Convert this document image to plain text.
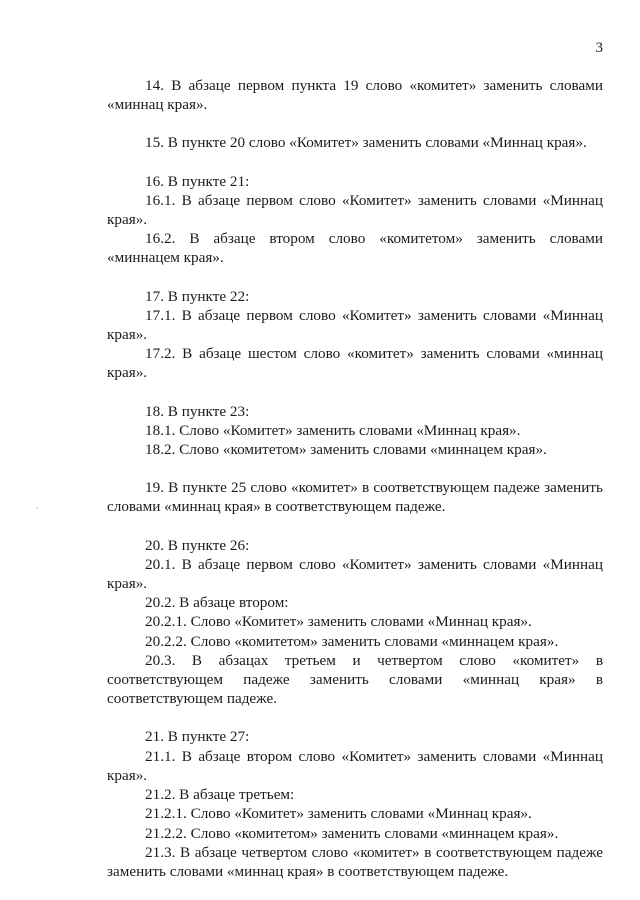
3

14. В абзаце первом пункта 19 слово «комитет» заменить словами «миннац края».

15. В пункте 20 слово «Комитет» заменить словами «Миннац края».

16. В пункте 21:

16.1. В абзаце первом слово «Комитет» заменить словами «Миннац края».

16.2. В абзаце втором слово «комитетом» заменить словами «миннацем края».

17. В пункте 22:

17.1. В абзаце первом слово «Комитет» заменить словами «Миннац края».

17.2. В абзаце шестом слово «комитет» заменить словами «миннац края».

18. В пункте 23:

18.1. Слово «Комитет» заменить словами «Миннац края».

18.2. Слово «комитетом» заменить словами «миннацем края».

19. В пункте 25 слово «комитет» в соответствующем падеже заменить словами «миннац края» в соответствующем падеже.

20. В пункте 26:

20.1. В абзаце первом слово «Комитет» заменить словами «Миннац края».

20.2. В абзаце втором:

20.2.1. Слово «Комитет» заменить словами «Миннац края».

20.2.2. Слово «комитетом» заменить словами «миннацем края».

20.3. В абзацах третьем и четвертом слово «комитет» в соответствующем падеже заменить словами «миннац края» в соответствующем падеже.

21. В пункте 27:

21.1. В абзаце втором слово «Комитет» заменить словами «Миннац края».

21.2. В абзаце третьем:

21.2.1. Слово «Комитет» заменить словами «Миннац края».

21.2.2. Слово «комитетом» заменить словами «миннацем края».

21.3. В абзаце четвертом слово «комитет» в соответствующем падеже заменить словами «миннац края» в соответствующем падеже.
